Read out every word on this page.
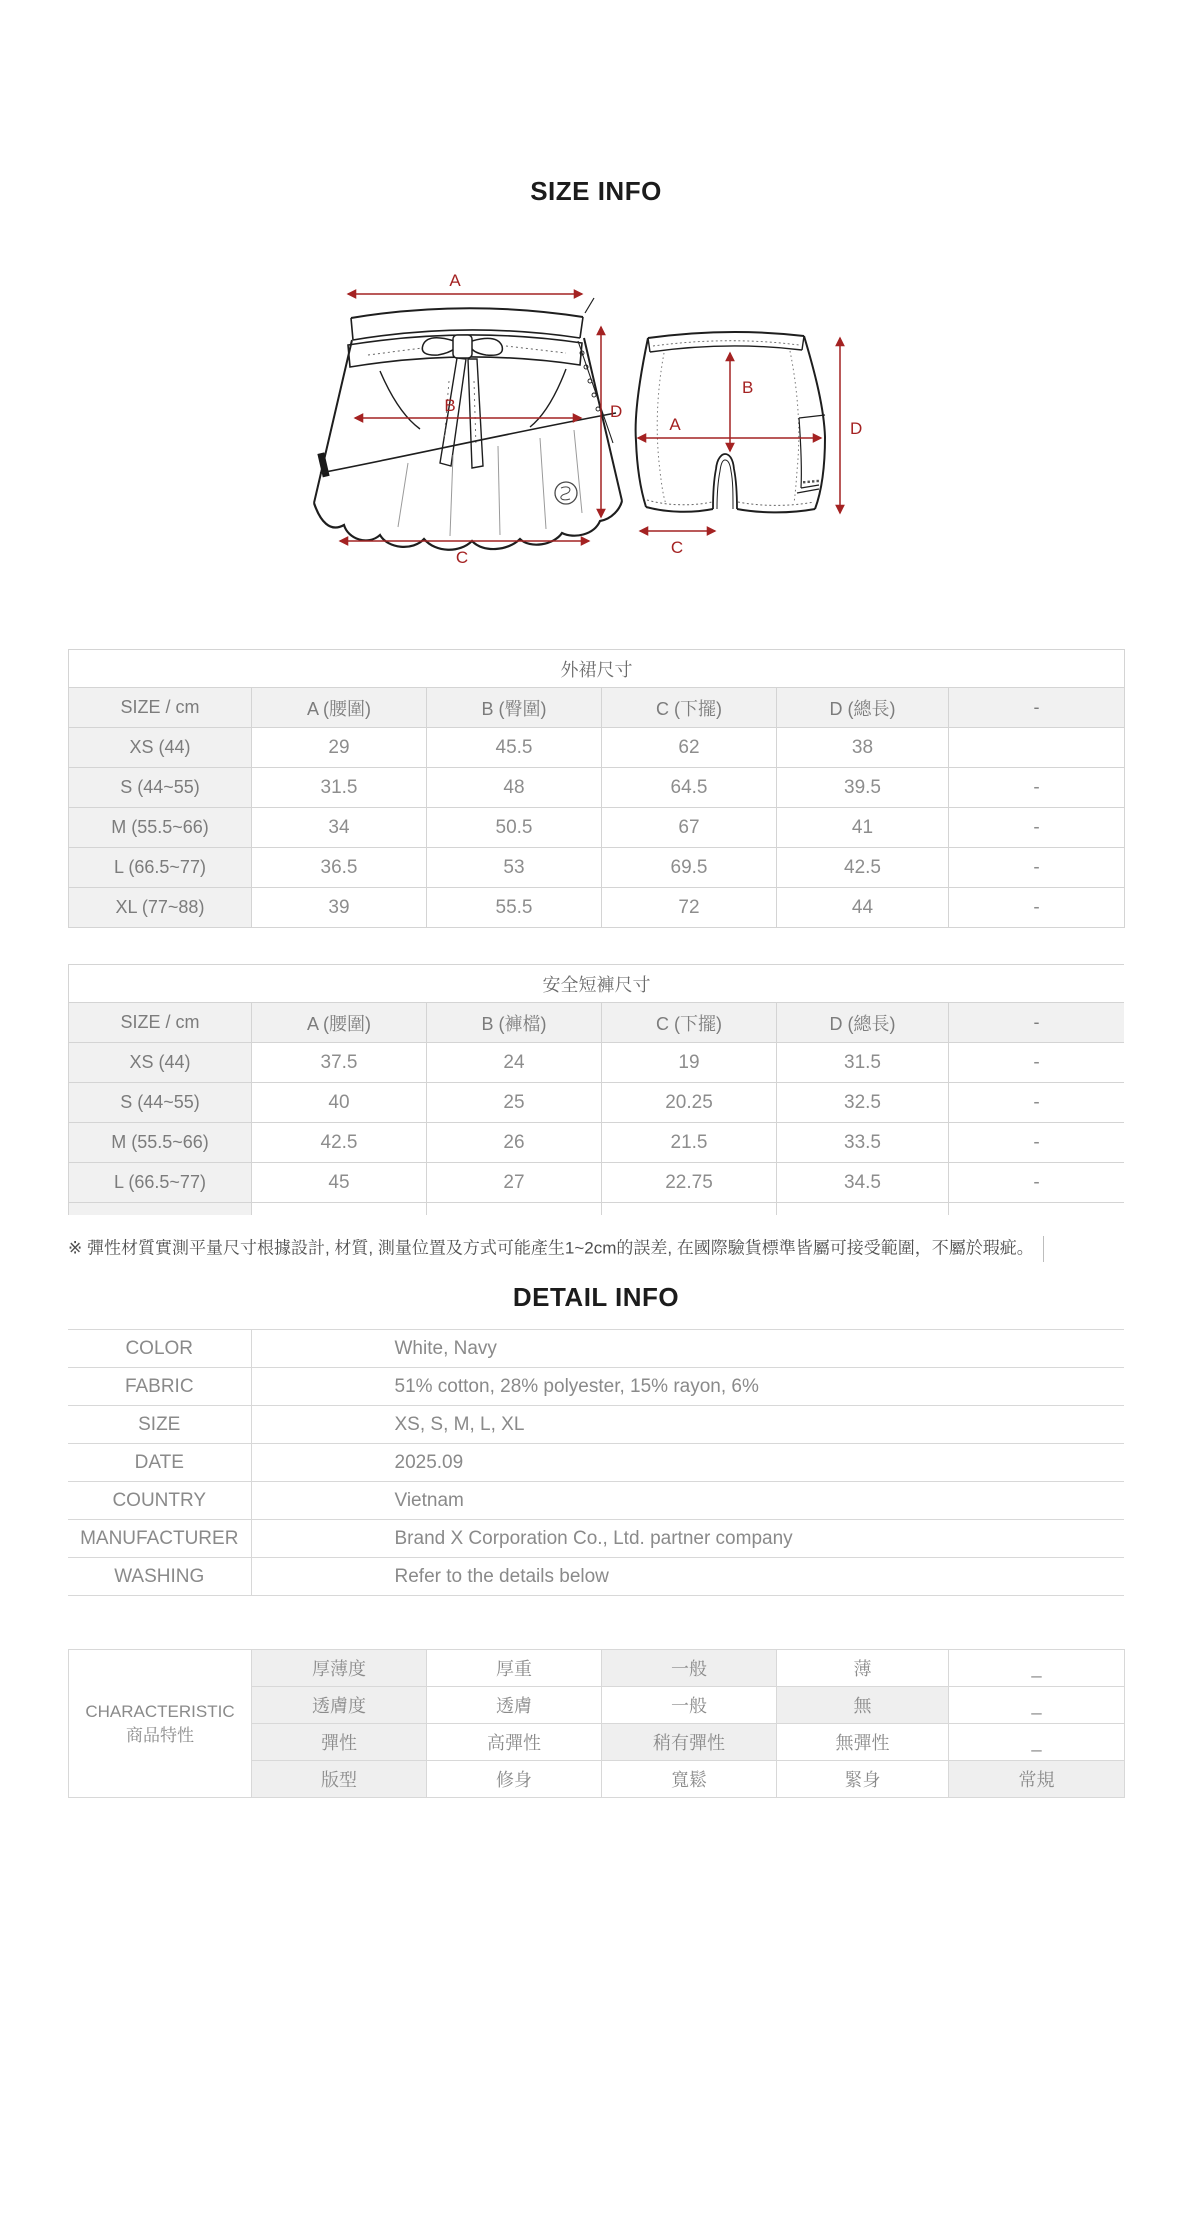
SIZE INFO
A
B
C
D
B
A	D
C
外裙尺寸					
SIZE / cm	A (腰圍)	B (臀圍)	C (下擺)	D (總長)	-
XS (44)	29	45.5	62	38	
S (44~55)	31.5	48	64.5	39.5	-
M (55.5~66)	34	50.5	67	41	-
L (66.5~77)	36.5	53	69.5	42.5	-
XL (77~88)	39	55.5	72	44	-
安全短褲尺寸					
SIZE / cm	A (腰圍)	B (褲檔)	C (下擺)	D (總長)	-
XS (44)	37.5	24	19	31.5	-
S (44~55)	40	25	20.25	32.5	-
M (55.5~66)	42.5	26	21.5	33.5	-
L (66.5~77)	45	27	22.75	34.5	-

※ 彈性材質實測平量尺寸根據設計, 材質, 測量位置及方式可能產生1~2cm的誤差, 在國際驗貨標準皆屬可接受範圍，不屬於瑕疵。
DETAIL INFO
COLOR	White, Navy
FABRIC	51% cotton, 28% polyester, 15% rayon, 6%
SIZE	XS, S, M, L, XL
DATE	2025.09
COUNTRY	Vietnam
MANUFACTURER	Brand X Corporation Co., Ltd. partner company
WASHING	Refer to the details below
CHARACTERISTIC
商品特性	厚薄度	厚重	一般	薄	_
	透膚度	透膚	一般	無	_
	彈性	高彈性	稍有彈性	無彈性	_
	版型	修身	寬鬆	緊身	常規
